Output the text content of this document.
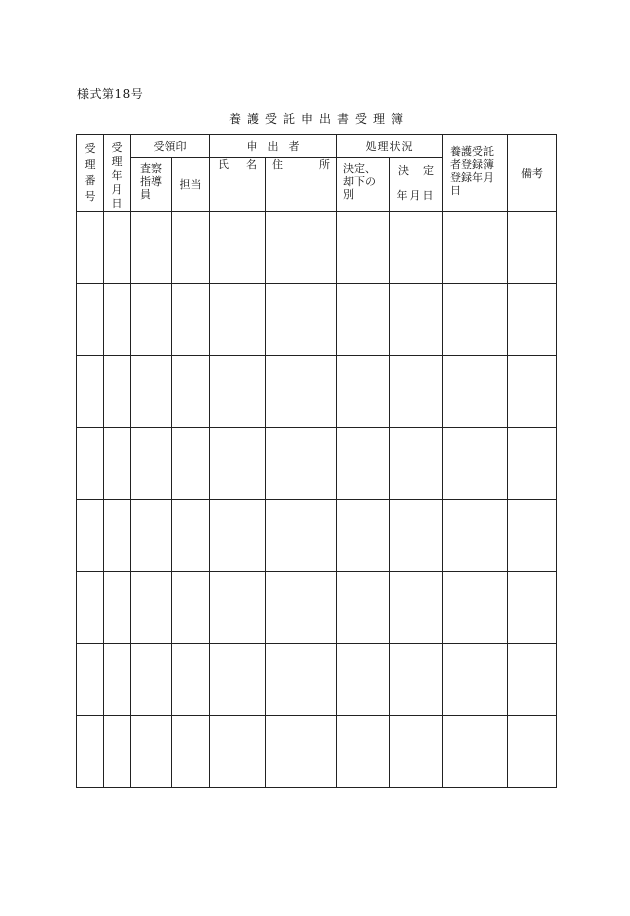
様式第18号
養護受託申出書受理簿
受理番号	受理年月日	受領印		申出者		処理状況		養護受託者登録簿登録年月日	備考

		査察指導員	担当	氏 名	住 所	決定、却下の別	決 定
年月日		
